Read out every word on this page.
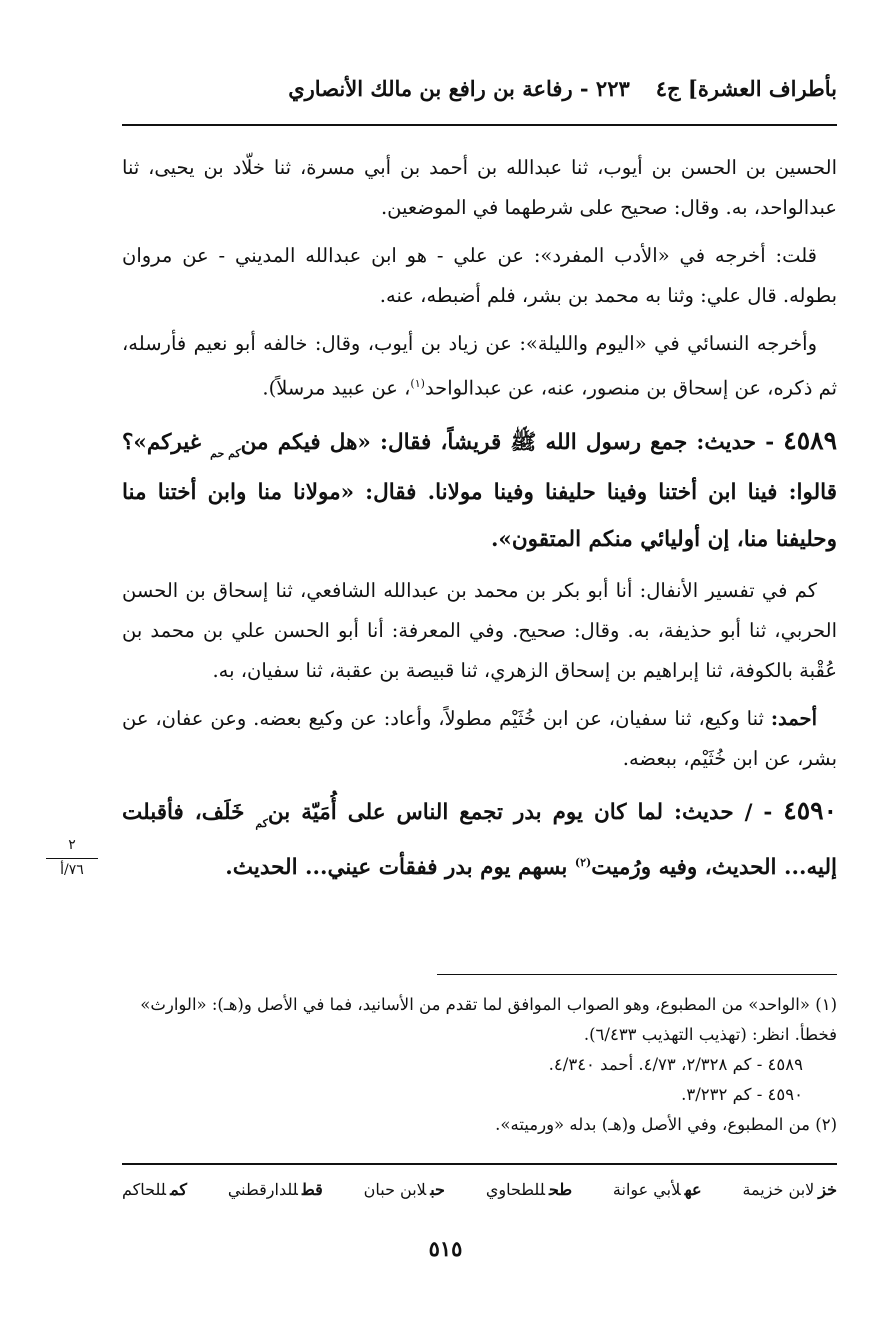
بأطراف العشرة] ج٤
٢٢٣ - رفاعة بن رافع بن مالك الأنصاري

الحسين بن الحسن بن أيوب، ثنا عبدالله بن أحمد بن أبي مسرة، ثنا خلّاد بن يحيى، ثنا عبدالواحد، به. وقال: صحيح على شرطهما في الموضعين.

قلت: أخرجه في «الأدب المفرد»: عن علي - هو ابن عبدالله المديني - عن مروان بطوله. قال علي: وثنا به محمد بن بشر، فلم أضبطه، عنه.

وأخرجه النسائي في «اليوم والليلة»: عن زياد بن أيوب، وقال: خالفه أبو نعيم فأرسله، ثم ذكره، عن إسحاق بن منصور، عنه، عن عبدالواحد$^{(١)}$، عن عبيد مرسلاً).

٤٥٨٩ - حديث: جمع رسول الله ﷺ قريشاً، فقال: «هل فيكم منكم حم غيركم»؟ قالوا: فينا ابن أختنا وفينا حليفنا وفينا مولانا. فقال: «مولانا منا وابن أختنا منا وحليفنا منا، إن أوليائي منكم المتقون».

كم في تفسير الأنفال: أنا أبو بكر بن محمد بن عبدالله الشافعي، ثنا إسحاق بن الحسن الحربي، ثنا أبو حذيفة، به. وقال: صحيح. وفي المعرفة: أنا أبو الحسن علي بن محمد بن عُقْبة بالكوفة، ثنا إبراهيم بن إسحاق الزهري، ثنا قبيصة بن عقبة، ثنا سفيان، به.

أحمد: ثنا وكيع، ثنا سفيان، عن ابن خُثَيْم مطولاً، وأعاد: عن وكيع بعضه. وعن عفان، عن بشر، عن ابن خُثَيْم، ببعضه.

٤٥٩٠ - / حديث: لما كان يوم بدر تجمع الناس على أُمَيّة بنكم خَلَف، فأقبلت إليه... الحديث، وفيه ورُميت$^{(٢)}$ بسهم يوم بدر ففقأت عيني... الحديث.

٢
٧٦/أ

(١) «الواحد» من المطبوع، وهو الصواب الموافق لما تقدم من الأسانيد، فما في الأصل و(هـ): «الوارث» فخطأ. انظر: (تهذيب التهذيب ٦/٤٣٣).

٤٥٨٩ - كم ٢/٣٢٨، ٤/٧٣. أحمد ٤/٣٤٠.

٤٥٩٠ - كم ٣/٢٣٢.

(٢) من المطبوع، وفي الأصل و(هـ) بدله «ورميته».

خزلابن خزيمة
عهلأبي عوانة
طحللطحاوي
حبلابن حبان
قطللدارقطني
كمللحاكم
٥١٥
